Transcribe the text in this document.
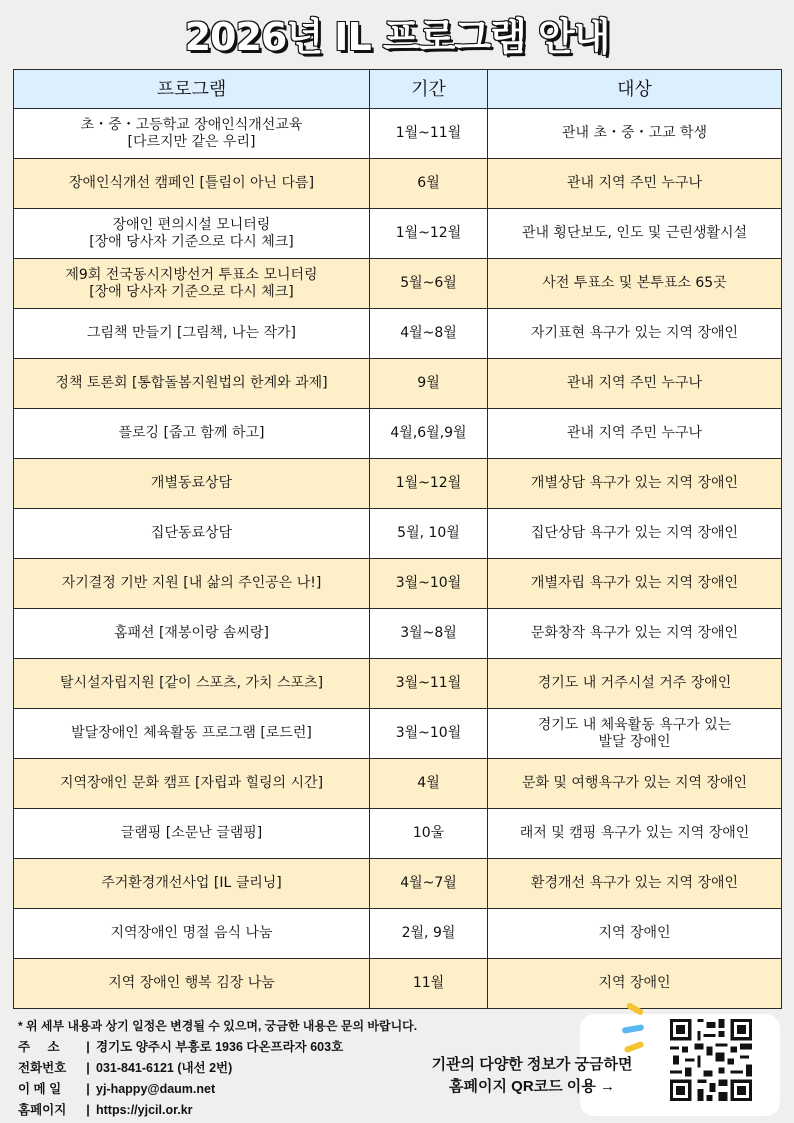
2026년 IL 프로그램 안내
프로그램	기간	대상
초・중・고등학교 장애인식개선교육
[다르지만 같은 우리]	1월~11월	관내 초・중・고교 학생
장애인식개선 캠페인 [틀림이 아닌 다름]	6월	관내 지역 주민 누구나
장애인 편의시설 모니터링
[장애 당사자 기준으로 다시 체크]	1월~12월	관내 횡단보도, 인도 및 근린생활시설
제9회 전국동시지방선거 투표소 모니터링
[장애 당사자 기준으로 다시 체크]	5월~6월	사전 투표소 및 본투표소 65곳
그림책 만들기 [그림책, 나는 작가]	4월~8월	자기표현 욕구가 있는 지역 장애인
정책 토론회 [통합돌봄지원법의 한계와 과제]	9월	관내 지역 주민 누구나
플로깅 [줍고 함께 하고]	4월,6월,9월	관내 지역 주민 누구나
개별동료상담	1월~12월	개별상담 욕구가 있는 지역 장애인
집단동료상담	5월, 10월	집단상담 욕구가 있는 지역 장애인
자기결정 기반 지원 [내 삶의 주인공은 나!]	3월~10월	개별자립 욕구가 있는 지역 장애인
홈패션 [재봉이랑 솜씨랑]	3월~8월	문화창작 욕구가 있는 지역 장애인
탈시설자립지원 [같이 스포츠, 가치 스포츠]	3월~11월	경기도 내 거주시설 거주 장애인
발달장애인 체육활동 프로그램 [로드런]	3월~10월	경기도 내 체육활동 욕구가 있는
발달 장애인
지역장애인 문화 캠프 [자립과 힐링의 시간]	4월	문화 및 여행욕구가 있는 지역 장애인
글램핑 [소문난 글램핑]	10울	래저 및 캠핑 욕구가 있는 지역 장애인
주거환경개선사업 [IL 클리닝]	4월~7월	환경개선 욕구가 있는 지역 장애인
지역장애인 명절 음식 나눔	2월, 9월	지역 장애인
지역 장애인 행복 김장 나눔	11월	지역 장애인
* 위 세부 내용과 상기 일정은 변경될 수 있으며, 궁금한 내용은 문의 바랍니다.
주     소	| 경기도 양주시 부흥로 1936 다온프라자 603호
전화번호	| 031-841-6121 (내선 2번)
이 메 일	| yj-happy@daum.net
홈페이지	| https://yjcil.or.kr
기관의 다양한 정보가 궁금하면
홈페이지 QR코드 이용 →
